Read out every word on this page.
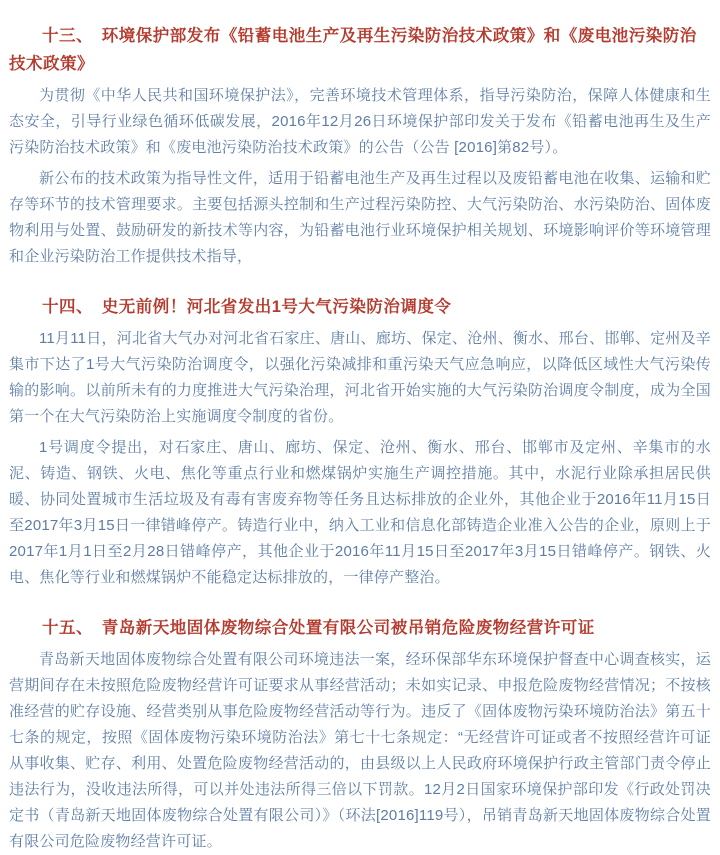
十三、　环境保护部发布《铅蓄电池生产及再生污染防治技术政策》和《废电池污染防治技术政策》

为贯彻《中华人民共和国环境保护法》，完善环境技术管理体系，指导污染防治，保障人体健康和生态安全，引导行业绿色循环低碳发展，2016年12月26日环境保护部印发关于发布《铅蓄电池再生及生产污染防治技术政策》和《废电池污染防治技术政策》的公告（公告 [2016]第82号）。

新公布的技术政策为指导性文件，适用于铅蓄电池生产及再生过程以及废铅蓄电池在收集、运输和贮存等环节的技术管理要求。主要包括源头控制和生产过程污染防控、大气污染防治、水污染防治、固体废物利用与处置、鼓励研发的新技术等内容，为铅蓄电池行业环境保护相关规划、环境影响评价等环境管理和企业污染防治工作提供技术指导，

十四、　史无前例！河北省发出1号大气污染防治调度令

11月11日，河北省大气办对河北省石家庄、唐山、廊坊、保定、沧州、衡水、邢台、邯郸、定州及辛集市下达了1号大气污染防治调度令，以强化污染减排和重污染天气应急响应，以降低区域性大气污染传输的影响。以前所未有的力度推进大气污染治理，河北省开始实施的大气污染防治调度令制度，成为全国第一个在大气污染防治上实施调度令制度的省份。

1号调度令提出，对石家庄、唐山、廊坊、保定、沧州、衡水、邢台、邯郸市及定州、辛集市的水泥、铸造、钢铁、火电、焦化等重点行业和燃煤锅炉实施生产调控措施。其中，水泥行业除承担居民供暖、协同处置城市生活垃圾及有毒有害废弃物等任务且达标排放的企业外，其他企业于2016年11月15日至2017年3月15日一律错峰停产。铸造行业中，纳入工业和信息化部铸造企业准入公告的企业，原则上于2017年1月1日至2月28日错峰停产，其他企业于2016年11月15日至2017年3月15日错峰停产。钢铁、火电、焦化等行业和燃煤锅炉不能稳定达标排放的，一律停产整治。

十五、　青岛新天地固体废物综合处置有限公司被吊销危险废物经营许可证

青岛新天地固体废物综合处置有限公司环境违法一案，经环保部华东环境保护督查中心调查核实，运营期间存在未按照危险废物经营许可证要求从事经营活动；未如实记录、申报危险废物经营情况；不按核准经营的贮存设施、经营类别从事危险废物经营活动等行为。违反了《固体废物污染环境防治法》第五十七条的规定，按照《固体废物污染环境防治法》第七十七条规定：“无经营许可证或者不按照经营许可证从事收集、贮存、利用、处置危险废物经营活动的，由县级以上人民政府环境保护行政主管部门责令停止违法行为，没收违法所得，可以并处违法所得三倍以下罚款。12月2日国家环境保护部印发《行政处罚决定书（青岛新天地固体废物综合处置有限公司）》（环法[2016]119号），吊销青岛新天地固体废物综合处置有限公司危险废物经营许可证。
